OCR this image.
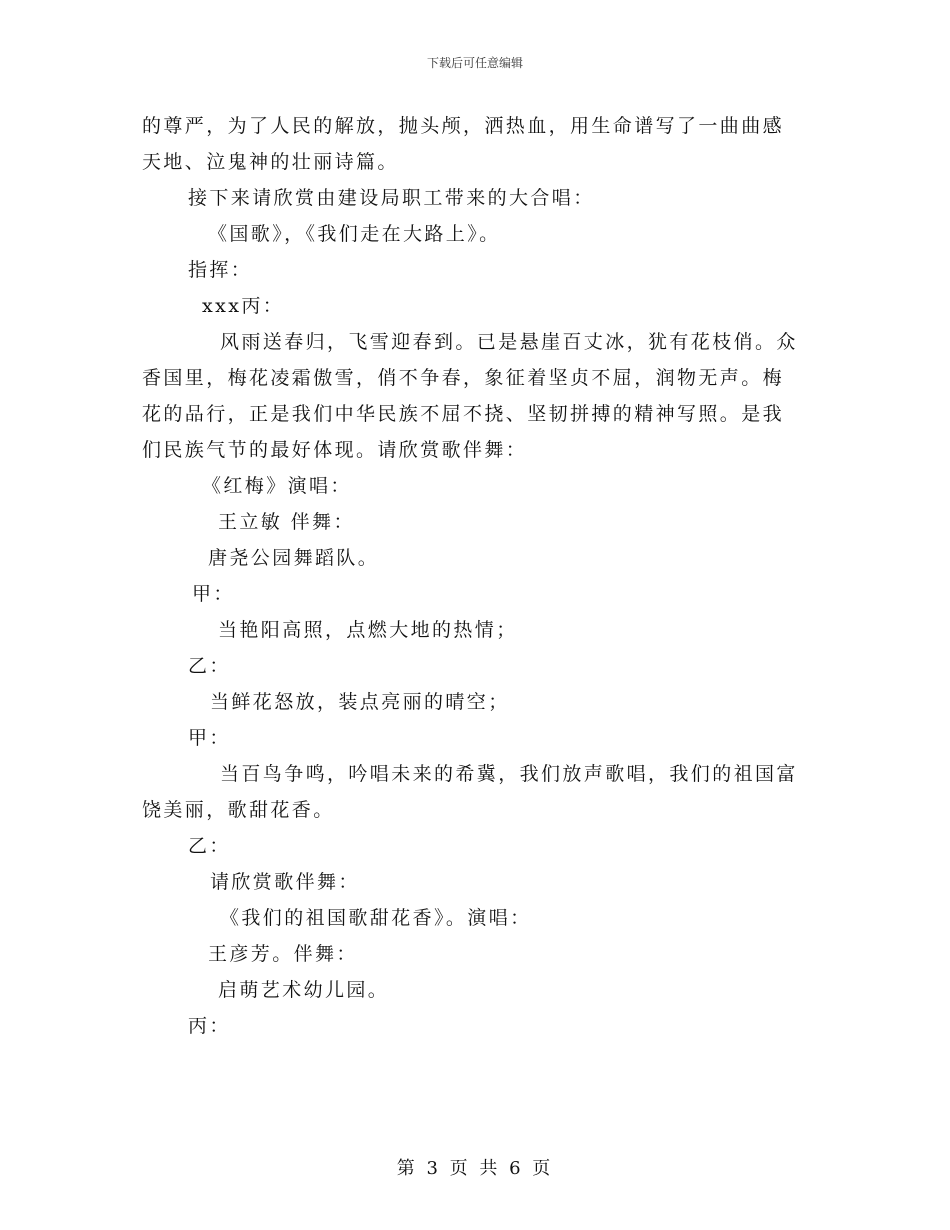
下载后可任意编辑
的尊严，为了人民的解放，抛头颅，洒热血，用生命谱写了一曲曲感
天地、泣鬼神的壮丽诗篇。
接下来请欣赏由建设局职工带来的大合唱：
《国歌》，《我们走在大路上》。
指挥：
xxx丙：
风雨送春归，飞雪迎春到。已是悬崖百丈冰，犹有花枝俏。众
香国里，梅花凌霜傲雪，俏不争春，象征着坚贞不屈，润物无声。梅
花的品行，正是我们中华民族不屈不挠、坚韧拼搏的精神写照。是我
们民族气节的最好体现。请欣赏歌伴舞：
《红梅》演唱：
王立敏 伴舞：
唐尧公园舞蹈队。
甲：
当艳阳高照，点燃大地的热情；
乙：
当鲜花怒放，装点亮丽的晴空；
甲：
当百鸟争鸣，吟唱未来的希冀，我们放声歌唱，我们的祖国富
饶美丽，歌甜花香。
乙：
请欣赏歌伴舞：
《我们的祖国歌甜花香》。演唱：
王彦芳。伴舞：
启萌艺术幼儿园。
丙：
第 3 页 共 6 页
